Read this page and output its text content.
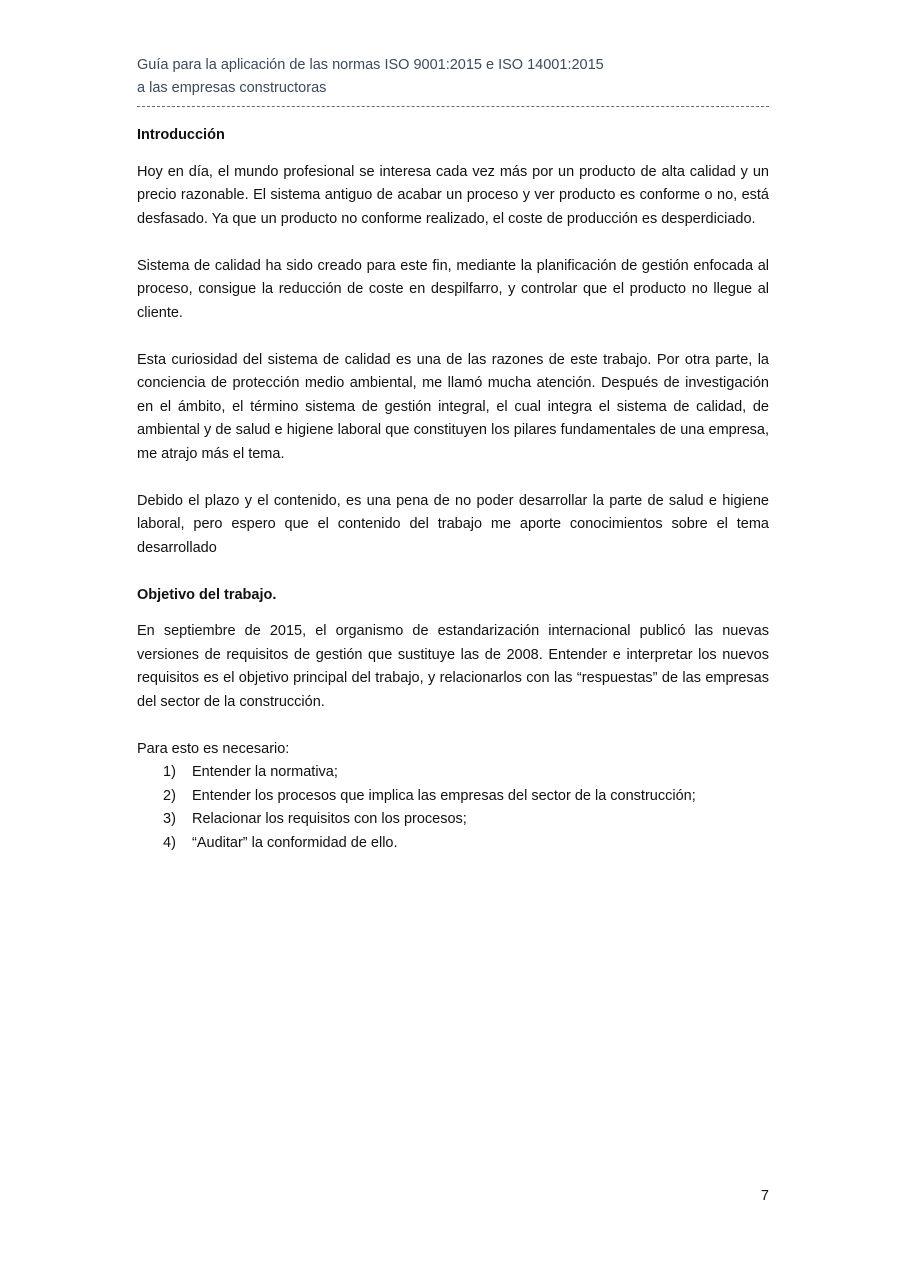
Guía para la aplicación de las normas ISO 9001:2015 e ISO 14001:2015
a las empresas constructoras
Introducción

Hoy en día, el mundo profesional se interesa cada vez más por un producto de alta calidad y un precio razonable. El sistema antiguo de acabar un proceso y ver producto es conforme o no, está desfasado. Ya que un producto no conforme realizado, el coste de producción es desperdiciado.

Sistema de calidad ha sido creado para este fin, mediante la planificación de gestión enfocada al proceso, consigue la reducción de coste en despilfarro, y controlar que el producto no llegue al cliente.

Esta curiosidad del sistema de calidad es una de las razones de este trabajo. Por otra parte, la conciencia de protección medio ambiental, me llamó mucha atención. Después de investigación en el ámbito, el término sistema de gestión integral, el cual integra el sistema de calidad, de ambiental y de salud e higiene laboral que constituyen los pilares fundamentales de una empresa, me atrajo más el tema.

Debido el plazo y el contenido, es una pena de no poder desarrollar la parte de salud e higiene laboral, pero espero que el contenido del trabajo me aporte conocimientos sobre el tema desarrollado

Objetivo del trabajo.

En septiembre de 2015, el organismo de estandarización internacional publicó las nuevas versiones de requisitos de gestión que sustituye las de 2008. Entender e interpretar los nuevos requisitos es el objetivo principal del trabajo, y relacionarlos con las “respuestas” de las empresas del sector de la construcción.

Para esto es necesario:

1)	Entender la normativa;
2)	Entender los procesos que implica las empresas del sector de la construcción;
3)	Relacionar los requisitos con los procesos;
4)	“Auditar” la conformidad de ello.
7
